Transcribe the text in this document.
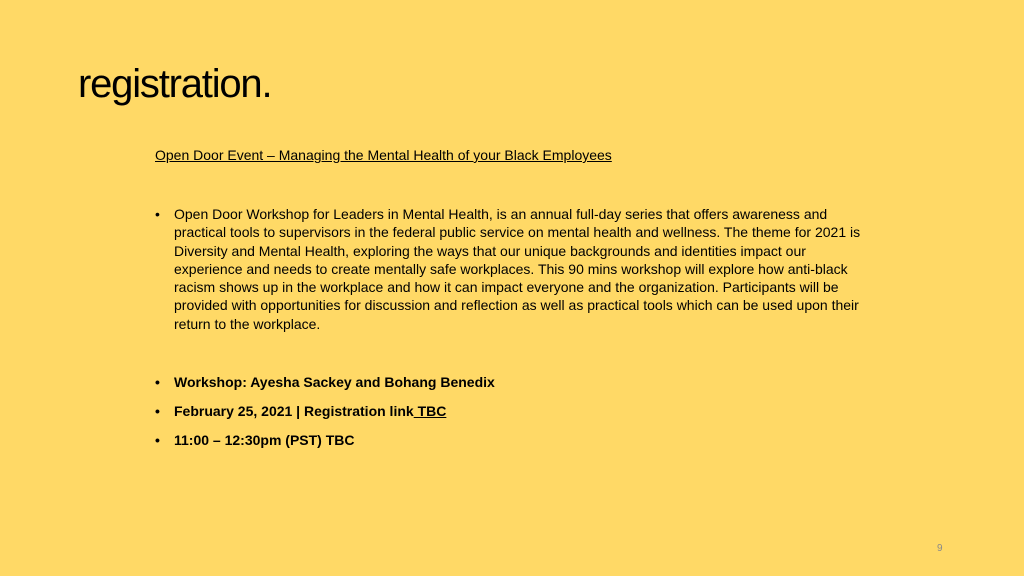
registration.
Open Door Event – Managing the Mental Health of your Black Employees
• Open Door Workshop for Leaders in Mental Health, is an annual full-day series that offers awareness and practical tools to supervisors in the federal public service on mental health and wellness. The theme for 2021 is Diversity and Mental Health, exploring the ways that our unique backgrounds and identities impact our experience and needs to create mentally safe workplaces. This 90 mins workshop will explore how anti-black racism shows up in the workplace and how it can impact everyone and the organization. Participants will be provided with opportunities for discussion and reflection as well as practical tools which can be used upon their return to the workplace.
• Workshop: Ayesha Sackey and Bohang Benedix
• February 25, 2021 | Registration link TBC
• 11:00 – 12:30pm (PST) TBC
9
